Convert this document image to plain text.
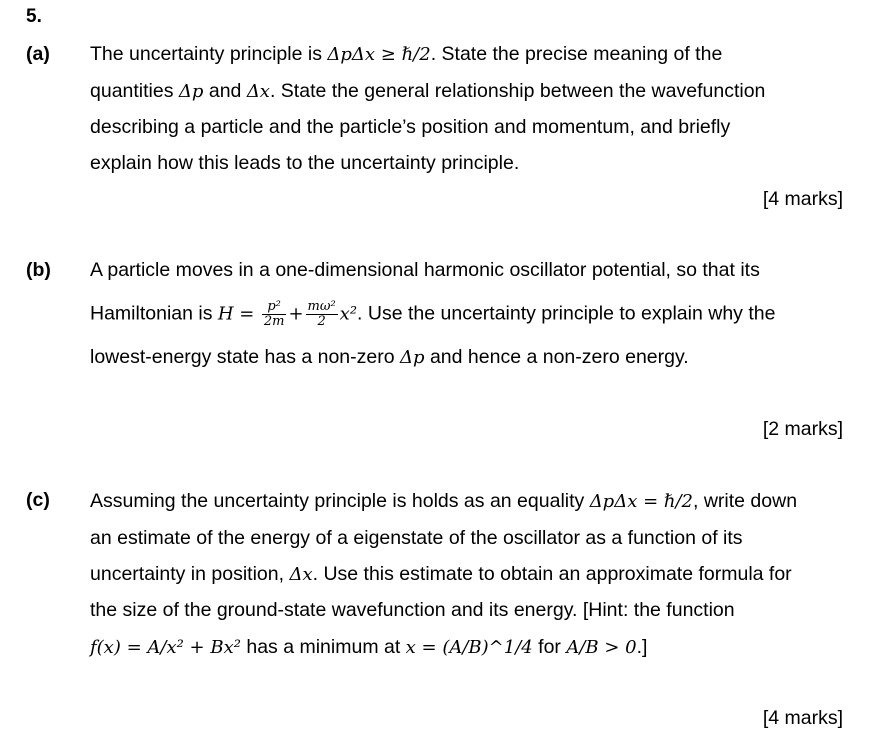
5.
(a) The uncertainty principle is ΔpΔx ≥ ℏ/2. State the precise meaning of the
quantities Δp and Δx. State the general relationship between the wavefunction
describing a particle and the particle’s position and momentum, and briefly
explain how this leads to the uncertainty principle.
[4 marks]
(b) A particle moves in a one-dimensional harmonic oscillator potential, so that its
Hamiltonian is $H = \frac{\text{p²}}{2m} + \frac{\text{mω²}}{2} x^2$. Use the uncertainty principle to explain why the
lowest-energy state has a non-zero Δp and hence a non-zero energy.
[2 marks]
(c) Assuming the uncertainty principle is holds as an equality ΔpΔx = ℏ/2, write down
an estimate of the energy of a eigenstate of the oscillator as a function of its
uncertainty in position, Δx. Use this estimate to obtain an approximate formula for
the size of the ground-state wavefunction and its energy. [Hint: the function
f(x) = A/x² + Bx² has a minimum at x = (A/B)^1/4 for A/B > 0.]
[4 marks]
